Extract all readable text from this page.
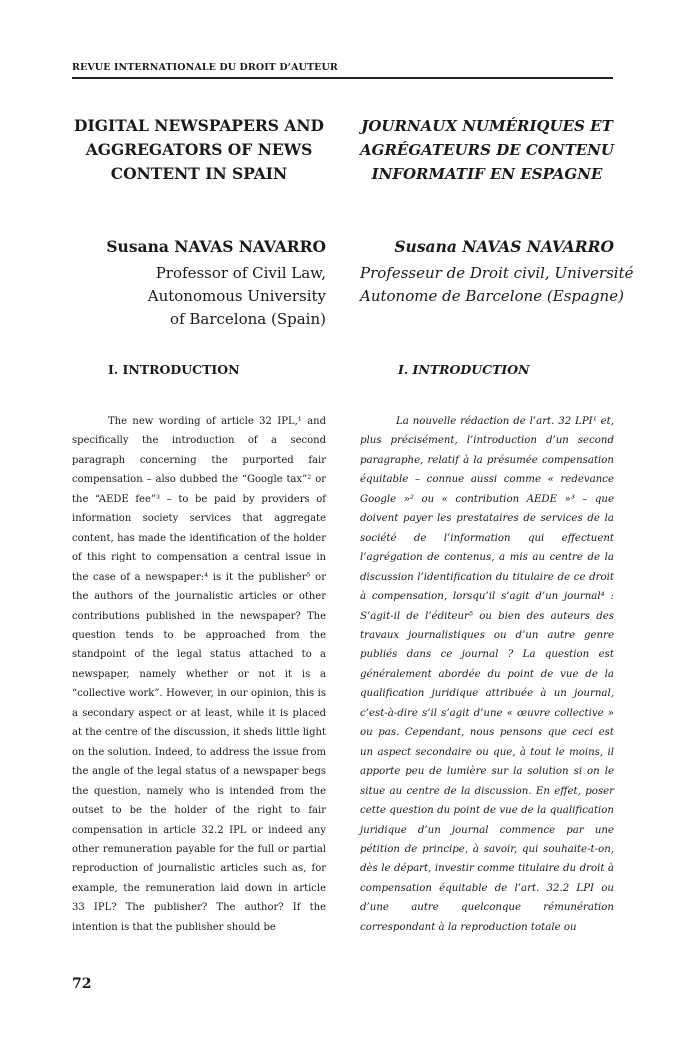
REVUE INTERNATIONALE DU DROIT D’AUTEUR
DIGITAL NEWSPAPERS AND
AGGREGATORS OF NEWS
CONTENT IN SPAIN
JOURNAUX NUMÉRIQUES ET
AGRÉGATEURS DE CONTENU
INFORMATIF EN ESPAGNE
Susana NAVAS NAVARRO	Susana NAVAS NAVARRO
Professor of Civil Law,
Autonomous University
of Barcelona (Spain)
Professeur de Droit civil, Université
Autonome de Barcelone (Espagne)
I. INTRODUCTION	I. INTRODUCTION

The new wording of article 32 IPL,¹ and specifically the introduction of a second paragraph concerning the purported fair compensation – also dubbed the “Google tax”² or the “AEDE fee”³ – to be paid by providers of information society services that aggregate content, has made the identification of the holder of this right to compensation a central issue in the case of a newspaper:⁴ is it the publisher⁵ or the authors of the journalistic articles or other contributions published in the newspaper? The question tends to be approached from the standpoint of the legal status attached to a newspaper, namely whether or not it is a “collective work”. However, in our opinion, this is a secondary aspect or at least, while it is placed at the centre of the discussion, it sheds little light on the solution. Indeed, to address the issue from the angle of the legal status of a newspaper begs the question, namely who is intended from the outset to be the holder of the right to fair compensation in article 32.2 IPL or indeed any other remuneration payable for the full or partial reproduction of journalistic articles such as, for example, the remuneration laid down in article 33 IPL? The publisher? The author? If the intention is that the publisher should be

La nouvelle rédaction de l’art. 32 LPI¹ et, plus précisément, l’introduction d’un second paragraphe, relatif à la présumée compensation équitable – connue aussi comme « redevance Google »² ou « contribution AEDE »³ – que doivent payer les prestataires de services de la société de l’information qui effectuent l’agrégation de contenus, a mis au centre de la discussion l’identification du titulaire de ce droit à compensation, lorsqu’il s’agit d’un journal⁴ : S’agit-il de l’éditeur⁵ ou bien des auteurs des travaux journalistiques ou d’un autre genre publiés dans ce journal ? La question est généralement abordée du point de vue de la qualification juridique attribuée à un journal, c’est-à-dire s’il s’agit d’une « œuvre collective » ou pas. Cependant, nous pensons que ceci est un aspect secondaire ou que, à tout le moins, il apporte peu de lumière sur la solution si on le situe au centre de la discussion. En effet, poser cette question du point de vue de la qualification juridique d’un journal commence par une pétition de principe, à savoir, qui souhaite-t-on, dès le départ, investir comme titulaire du droit à compensation équitable de l’art. 32.2 LPI ou d’une autre quelconque rémunération correspondant à la reproduction totale ou

72
